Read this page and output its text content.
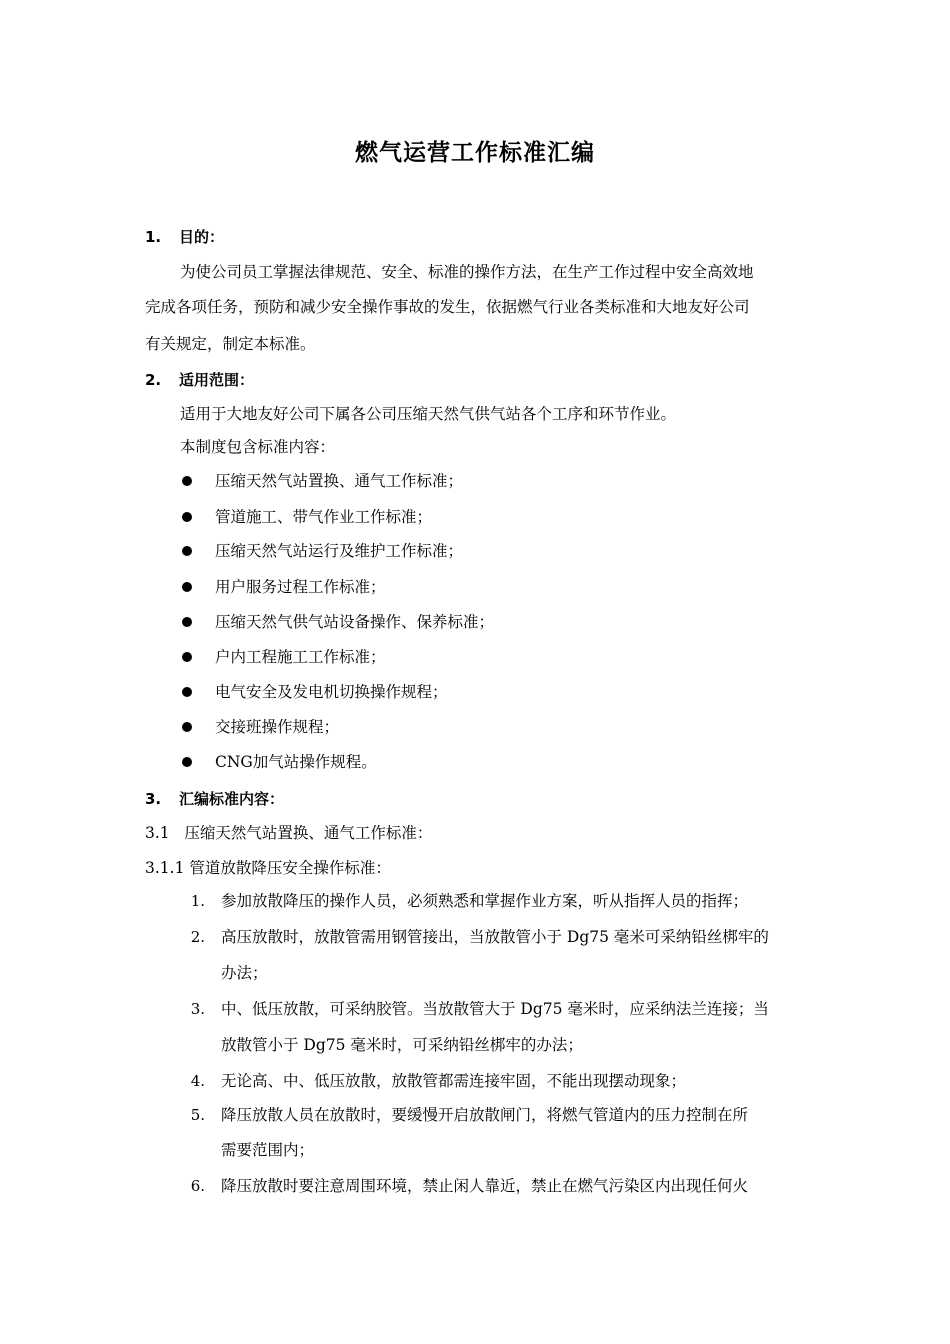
燃气运营工作标准汇编
1. 目的：
为使公司员工掌握法律规范、安全、标准的操作方法，在生产工作过程中安全高效地
完成各项任务，预防和减少安全操作事故的发生，依据燃气行业各类标准和大地友好公司
有关规定，制定本标准。
2. 适用范围：
适用于大地友好公司下属各公司压缩天然气供气站各个工序和环节作业。
本制度包含标准内容：
压缩天然气站置换、通气工作标准；
管道施工、带气作业工作标准；
压缩天然气站运行及维护工作标准；
用户服务过程工作标准；
压缩天然气供气站设备操作、保养标准；
户内工程施工工作标准；
电气安全及发电机切换操作规程；
交接班操作规程；
CNG加气站操作规程。
3. 汇编标准内容：
3.1   压缩天然气站置换、通气工作标准：
3.1.1 管道放散降压安全操作标准：
1. 参加放散降压的操作人员，必须熟悉和掌握作业方案，听从指挥人员的指挥；
2. 高压放散时，放散管需用钢管接出，当放散管小于 Dg75 毫米可采纳铅丝梆牢的
办法；
3. 中、低压放散，可采纳胶管。当放散管大于 Dg75 毫米时，应采纳法兰连接；当
放散管小于 Dg75 毫米时，可采纳铅丝梆牢的办法；
4. 无论高、中、低压放散，放散管都需连接牢固，不能出现摆动现象；
5. 降压放散人员在放散时，要缓慢开启放散闸门，将燃气管道内的压力控制在所
需要范围内；
6. 降压放散时要注意周围环境，禁止闲人靠近，禁止在燃气污染区内出现任何火
